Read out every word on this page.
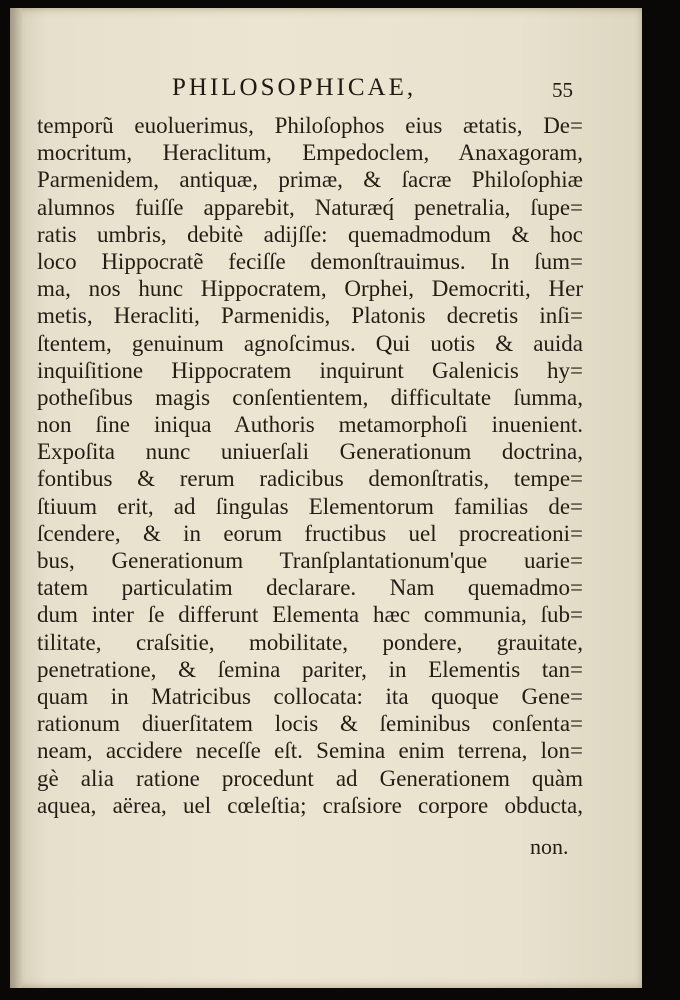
PHILOSOPHICAE,	55
temporũ euoluerimus, Philoſophos eius ætatis, De=
mocritum, Heraclitum, Empedoclem, Anaxagoram,
Parmenidem, antiquæ, primæ, & ſacræ Philoſophiæ
alumnos fuiſſe apparebit, Naturæq́ penetralia, ſupe=
ratis umbris, debitè adijſſe: quemadmodum & hoc
loco Hippocratẽ feciſſe demonſtrauimus. In ſum=
ma, nos hunc Hippocratem, Orphei, Democriti, Her
metis, Heracliti, Parmenidis, Platonis decretis inſi=
ſtentem, genuinum agnoſcimus. Qui uotis & auida
inquiſitione Hippocratem inquirunt Galenicis hy=
potheſibus magis conſentientem, difficultate ſumma,
non ſine iniqua Authoris metamorphoſi inuenient.
Expoſita nunc uniuerſali Generationum doctrina,
fontibus & rerum radicibus demonſtratis, tempe=
ſtiuum erit, ad ſingulas Elementorum familias de=
ſcendere, & in eorum fructibus uel procreationi=
bus, Generationum Tranſplantationum'que uarie=
tatem particulatim declarare. Nam quemadmo=
dum inter ſe differunt Elementa hæc communia, ſub=
tilitate, craſsitie, mobilitate, pondere, grauitate,
penetratione, & ſemina pariter, in Elementis tan=
quam in Matricibus collocata: ita quoque Gene=
rationum diuerſitatem locis & ſeminibus conſenta=
neam, accidere neceſſe eſt. Semina enim terrena, lon=
gè alia ratione procedunt ad Generationem quàm
aquea, aërea, uel cœleſtia; craſsiore corpore obducta,
non.
